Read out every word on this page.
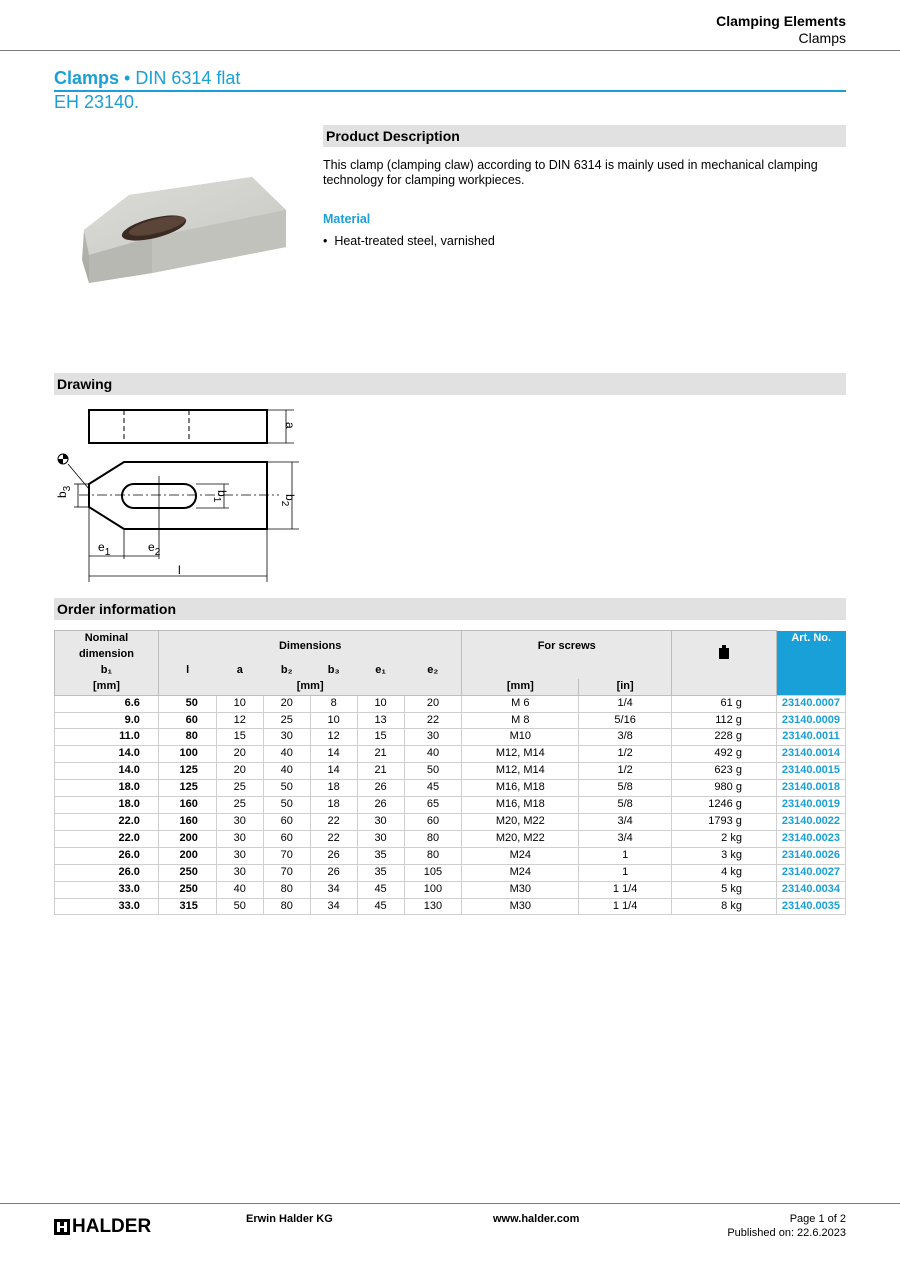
Clamping Elements
Clamps
Clamps • DIN 6314 flat
EH 23140.
Product Description
This clamp (clamping claw) according to DIN 6314 is mainly used in mechanical clamping technology for clamping workpieces.
Material
•  Heat-treated steel, varnished
Drawing
a
$b_2$
$b_1$
$b_3$
$e_1$	$e_2$
l
Order information
Nominal dimension	Dimensions						For screws			Art. No.
b₁	l	a	b₂	b₃	e₁	e₂				
[mm]	[mm]						[mm]	[in]		
6.6	50	10	20	8	10	20	M 6	1/4	61 g	23140.0007
9.0	60	12	25	10	13	22	M 8	5/16	112 g	23140.0009
11.0	80	15	30	12	15	30	M10	3/8	228 g	23140.0011
14.0	100	20	40	14	21	40	M12, M14	1/2	492 g	23140.0014
14.0	125	20	40	14	21	50	M12, M14	1/2	623 g	23140.0015
18.0	125	25	50	18	26	45	M16, M18	5/8	980 g	23140.0018
18.0	160	25	50	18	26	65	M16, M18	5/8	1246 g	23140.0019
22.0	160	30	60	22	30	60	M20, M22	3/4	1793 g	23140.0022
22.0	200	30	60	22	30	80	M20, M22	3/4	2 kg	23140.0023
26.0	200	30	70	26	35	80	M24	1	3 kg	23140.0026
26.0	250	30	70	26	35	105	M24	1	4 kg	23140.0027
33.0	250	40	80	34	45	100	M30	1 1/4	5 kg	23140.0034
33.0	315	50	80	34	45	130	M30	1 1/4	8 kg	23140.0035
HALDER	Erwin Halder KG	www.halder.com	Page 1 of 2
Published on: 22.6.2023
